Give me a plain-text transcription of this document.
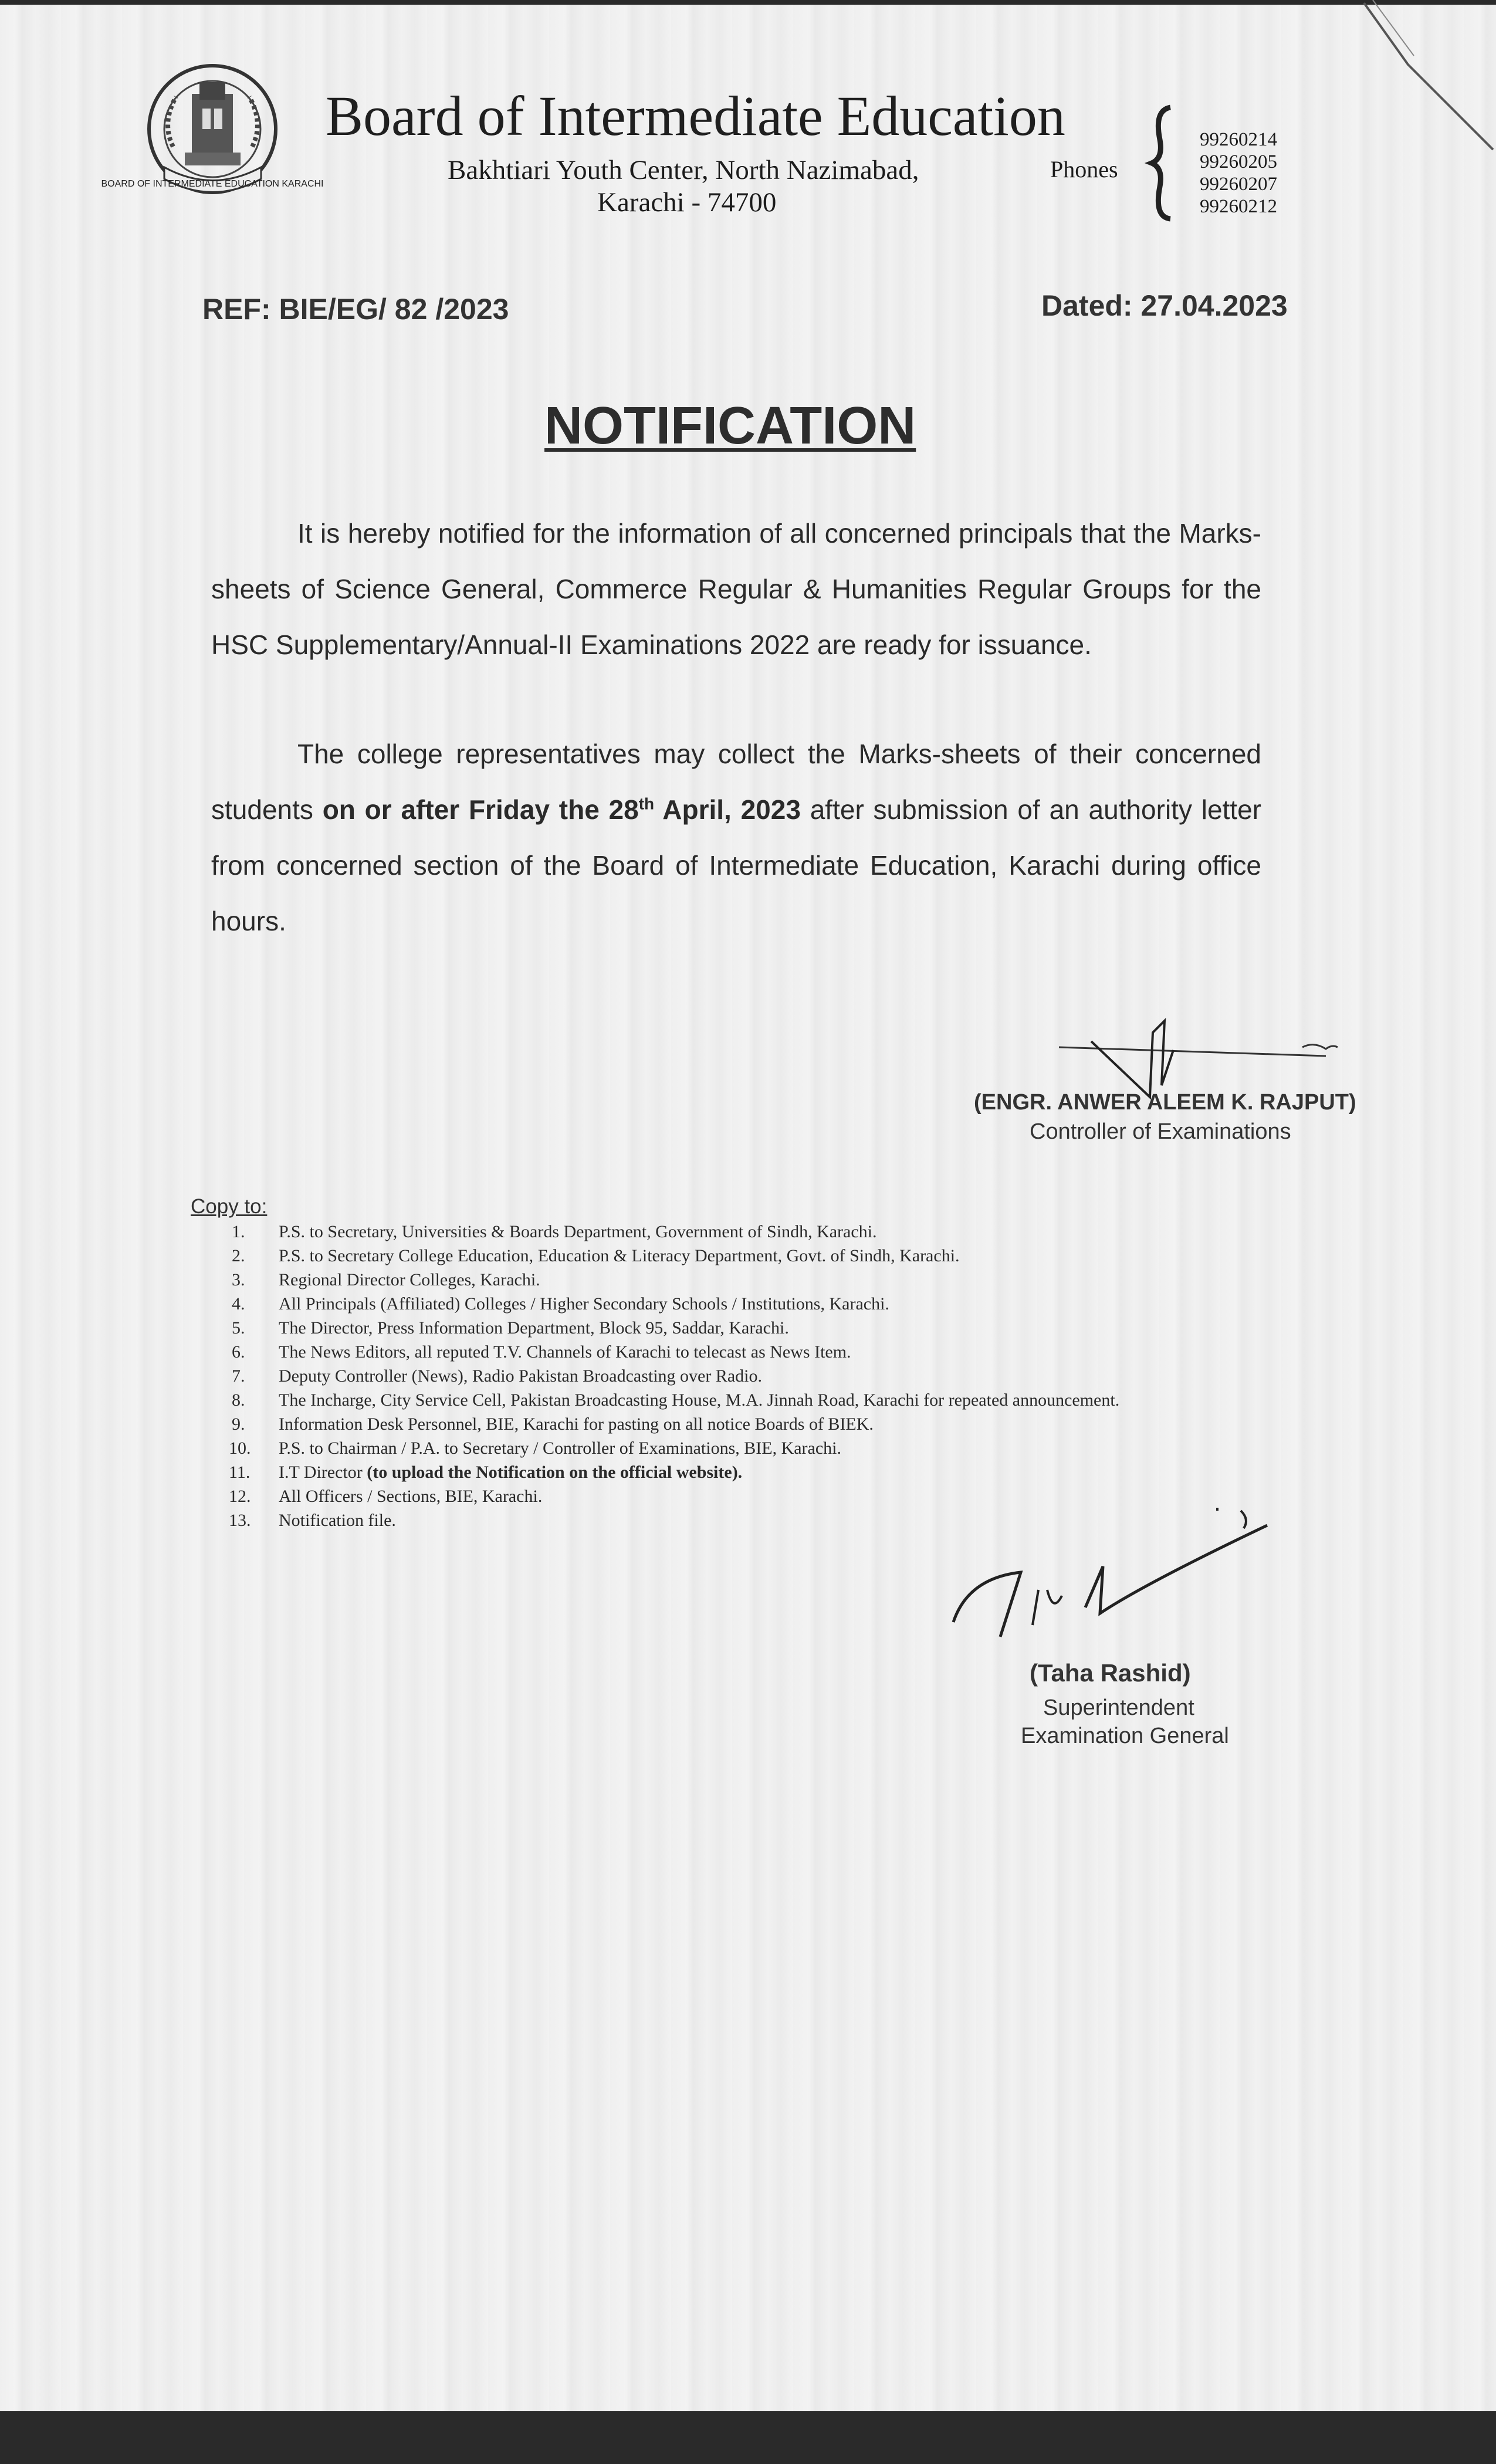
BOARD OF INTERMEDIATE EDUCATION KARACHI
Board of Intermediate Education
Bakhtiari Youth Center, North Nazimabad,
Karachi - 74700
Phones
99260214
99260205
99260207
99260212
REF: BIE/EG/ 82 /2023	Dated: 27.04.2023
NOTIFICATION
It is hereby notified for the information of all concerned principals that the Marks-sheets of Science General, Commerce Regular & Humanities Regular Groups for the HSC Supplementary/Annual-II Examinations 2022 are ready for issuance.
The college representatives may collect the Marks-sheets of their concerned students on or after Friday the 28th April, 2023 after submission of an authority letter from concerned section of the Board of Intermediate Education, Karachi during office hours.
(ENGR. ANWER ALEEM K. RAJPUT)
Controller of Examinations
Copy to:
1. P.S. to Secretary, Universities & Boards Department, Government of Sindh, Karachi.
2. P.S. to Secretary College Education, Education & Literacy Department, Govt. of Sindh, Karachi.
3. Regional Director Colleges, Karachi.
4. All Principals (Affiliated) Colleges / Higher Secondary Schools / Institutions, Karachi.
5. The Director, Press Information Department, Block 95, Saddar, Karachi.
6. The News Editors, all reputed T.V. Channels of Karachi to telecast as News Item.
7. Deputy Controller (News), Radio Pakistan Broadcasting over Radio.
8. The Incharge, City Service Cell, Pakistan Broadcasting House, M.A. Jinnah Road, Karachi for repeated announcement.
9. Information Desk Personnel, BIE, Karachi for pasting on all notice Boards of BIEK.
10. P.S. to Chairman / P.A. to Secretary / Controller of Examinations, BIE, Karachi.
11. I.T Director (to upload the Notification on the official website).
12. All Officers / Sections, BIE, Karachi.
13. Notification file.
(Taha Rashid)
Superintendent
Examination General
